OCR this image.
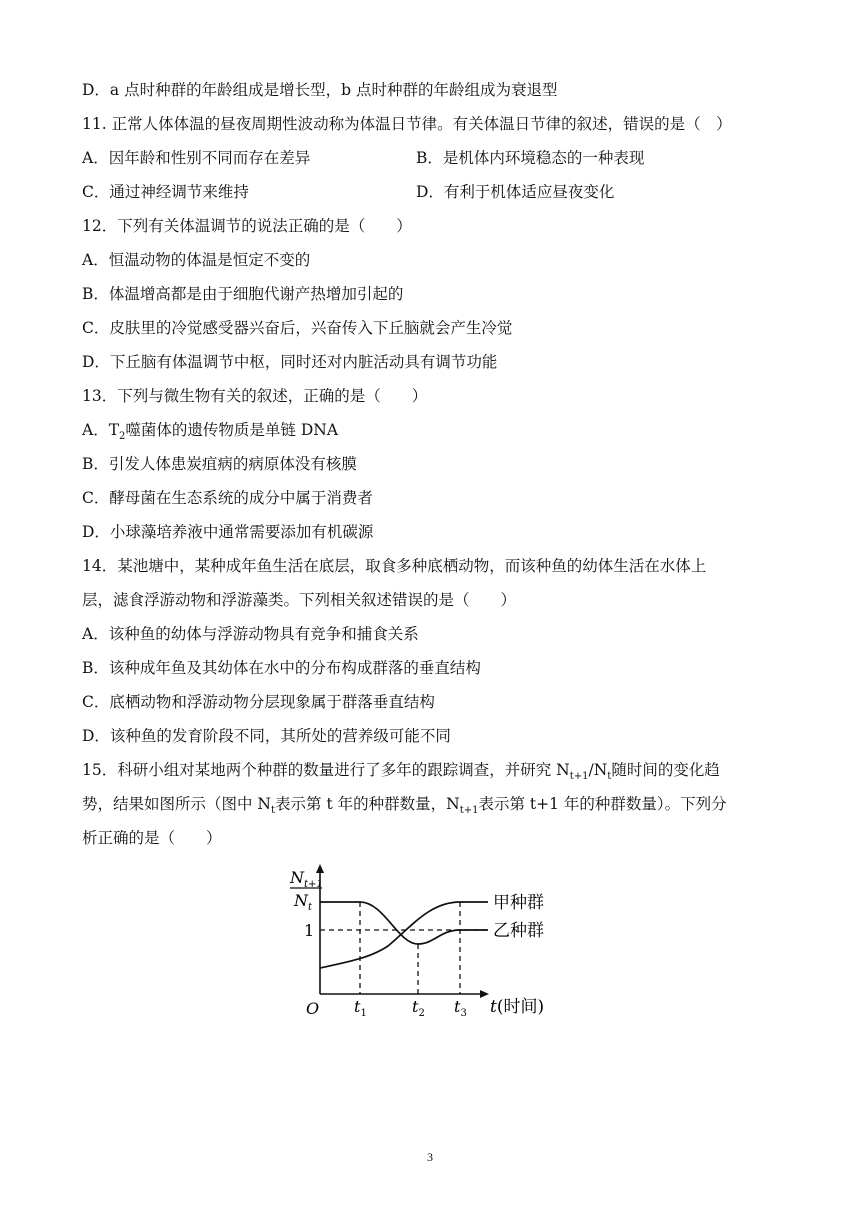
D．a 点时种群的年龄组成是增长型，b 点时种群的年龄组成为衰退型
11. 正常人体体温的昼夜周期性波动称为体温日节律。有关体温日节律的叙述，错误的是（　）
A．因年龄和性别不同而存在差异	B．是机体内环境稳态的一种表现
C．通过神经调节来维持	D．有利于机体适应昼夜变化
12．下列有关体温调节的说法正确的是（　　）
A．恒温动物的体温是恒定不变的
B．体温增高都是由于细胞代谢产热增加引起的
C．皮肤里的冷觉感受器兴奋后，兴奋传入下丘脑就会产生冷觉
D．下丘脑有体温调节中枢，同时还对内脏活动具有调节功能
13．下列与微生物有关的叙述，正确的是（　　）
A．$T_2$噬菌体的遗传物质是单链 DNA
B．引发人体患炭疽病的病原体没有核膜
C．酵母菌在生态系统的成分中属于消费者
D．小球藻培养液中通常需要添加有机碳源
14．某池塘中，某种成年鱼生活在底层，取食多种底栖动物，而该种鱼的幼体生活在水体上
层，滤食浮游动物和浮游藻类。下列相关叙述错误的是（　　）
A．该种鱼的幼体与浮游动物具有竞争和捕食关系
B．该种成年鱼及其幼体在水中的分布构成群落的垂直结构
C．底栖动物和浮游动物分层现象属于群落垂直结构
D．该种鱼的发育阶段不同，其所处的营养级可能不同
15．科研小组对某地两个种群的数量进行了多年的跟踪调查，并研究 $N_{t+1}/N_t$随时间的变化趋
势，结果如图所示（图中 $N_t$表示第 t 年的种群数量，$N_{t+1}$表示第 t+1 年的种群数量）。下列分
析正确的是（　　）
$N_{t+1}$
$N_t$
1
甲种群
乙种群
O $t_1$	$t_2$ $t_3$ t(时间)
3
